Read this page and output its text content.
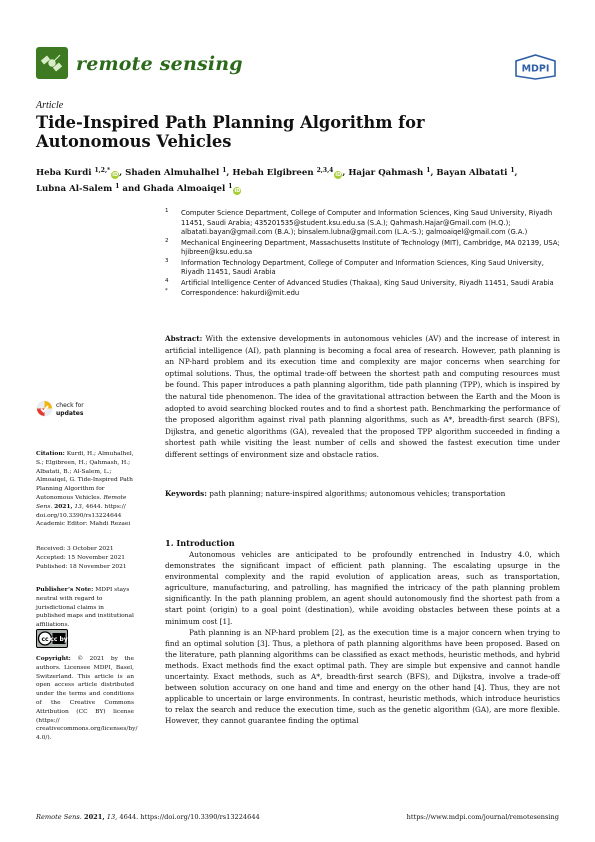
remote sensing	MDPI
Article
Tide-Inspired Path Planning Algorithm for Autonomous Vehicles
Heba Kurdi $^{1,2,*}$iD, Shaden Almuhalhel $^1$, Hebah Elgibreen $^{2,3,4}$iD, Hajar Qahmash $^1$, Bayan Albatati $^1$, Lubna Al-Salem $^1$ and Ghada Almoaiqel $^1$iD
1 Computer Science Department, College of Computer and Information Sciences, King Saud University, Riyadh 11451, Saudi Arabia; 435201535@student.ksu.edu.sa (S.A.); Qahmash.Hajar@Gmail.com (H.Q.); albatati.bayan@gmail.com (B.A.); binsalem.lubna@gmail.com (L.A.-S.); galmoaiqel@gmail.com (G.A.)
2 Mechanical Engineering Department, Massachusetts Institute of Technology (MIT), Cambridge, MA 02139, USA; hjibreen@ksu.edu.sa
3 Information Technology Department, College of Computer and Information Sciences, King Saud University, Riyadh 11451, Saudi Arabia
4 Artificial Intelligence Center of Advanced Studies (Thakaa), King Saud University, Riyadh 11451, Saudi Arabia
* Correspondence: hakurdi@mit.edu
Abstract: With the extensive developments in autonomous vehicles (AV) and the increase of interest in artificial intelligence (AI), path planning is becoming a focal area of research. However, path planning is an NP-hard problem and its execution time and complexity are major concerns when searching for optimal solutions. Thus, the optimal trade-off between the shortest path and computing resources must be found. This paper introduces a path planning algorithm, tide path planning (TPP), which is inspired by the natural tide phenomenon. The idea of the gravitational attraction between the Earth and the Moon is adopted to avoid searching blocked routes and to find a shortest path. Benchmarking the performance of the proposed algorithm against rival path planning algorithms, such as A*, breadth-first search (BFS), Dijkstra, and genetic algorithms (GA), revealed that the proposed TPP algorithm succeeded in finding a shortest path while visiting the least number of cells and showed the fastest execution time under different settings of environment size and obstacle ratios.
Keywords: path planning; nature-inspired algorithms; autonomous vehicles; transportation
check for
updates
Citation: Kurdi, H.; Almuhalhel, S.; Elgibreen, H.; Qahmash, H.; Albatati, B.; Al-Salem, L.; Almoaiqel, G. Tide-Inspired Path Planning Algorithm for Autonomous Vehicles. Remote Sens. 2021, 13, 4644. https:// doi.org/10.3390/rs13224644
Academic Editor: Mahdi Rezaei
Received: 3 October 2021
Accepted: 15 November 2021
Published: 18 November 2021
Publisher’s Note: MDPI stays neutral with regard to jurisdictional claims in published maps and institutional affiliations.
cc cc by
Copyright: © 2021 by the authors. Licensee MDPI, Basel, Switzerland. This article is an open access article distributed under the terms and conditions of the Creative Commons Attribution (CC BY) license (https:// creativecommons.org/licenses/by/ 4.0/).
1. Introduction

Autonomous vehicles are anticipated to be profoundly entrenched in Industry 4.0, which demonstrates the significant impact of efficient path planning. The escalating upsurge in the environmental complexity and the rapid evolution of application areas, such as transportation, agriculture, manufacturing, and patrolling, has magnified the intricacy of the path planning problem significantly. In the path planning problem, an agent should autonomously find the shortest path from a start point (origin) to a goal point (destination), while avoiding obstacles between these points at a minimum cost [1].

Path planning is an NP-hard problem [2], as the execution time is a major concern when trying to find an optimal solution [3]. Thus, a plethora of path planning algorithms have been proposed. Based on the literature, path planning algorithms can be classified as exact methods, heuristic methods, and hybrid methods. Exact methods find the exact optimal path. They are simple but expensive and cannot handle uncertainty. Exact methods, such as A*, breadth-first search (BFS), and Dijkstra, involve a trade-off between solution accuracy on one hand and time and energy on the other hand [4]. Thus, they are not applicable to uncertain or large environments. In contrast, heuristic methods, which introduce heuristics to relax the search and reduce the execution time, such as the genetic algorithm (GA), are more flexible. However, they cannot guarantee finding the optimal

Remote Sens. 2021, 13, 4644. https://doi.org/10.3390/rs13224644	https://www.mdpi.com/journal/remotesensing
